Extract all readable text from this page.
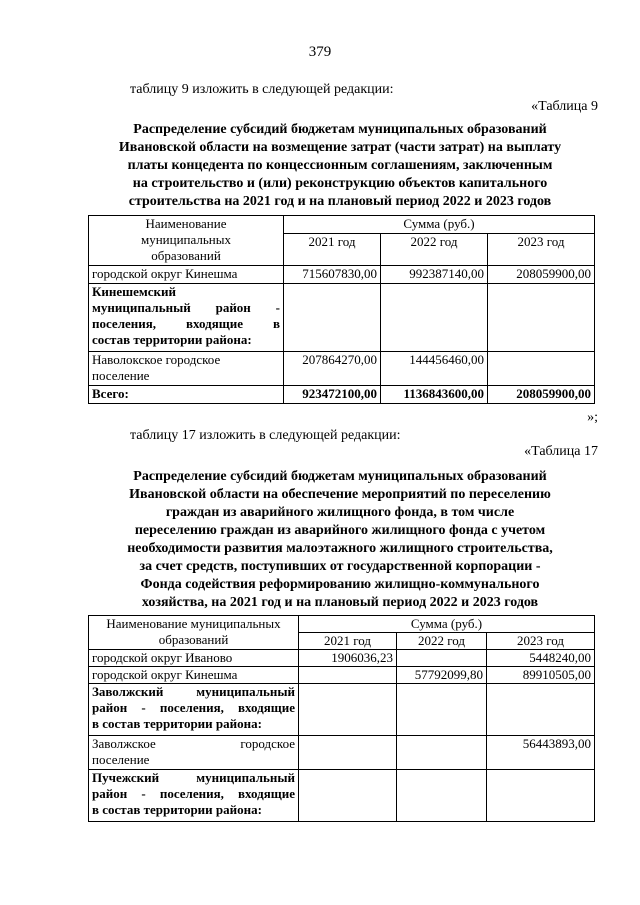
379
таблицу 9 изложить в следующей редакции:
«Таблица 9
Распределение субсидий бюджетам муниципальных образований
Ивановской области на возмещение затрат (части затрат) на выплату
платы концедента по концессионным соглашениям, заключенным
на строительство и (или) реконструкцию объектов капитального
строительства на 2021 год и на плановый период 2022 и 2023 годов
Наименование
муниципальных
образований	Сумма (руб.)		
	2021 год	2022 год	2023 год
городской округ Кинешма	715607830,00	992387140,00	208059900,00

Кинешемский
муниципальный район -
поселения, входящие в
состав территории района:			

Наволокское городское
поселение	207864270,00	144456460,00	
Всего:	923472100,00	1136843600,00	208059900,00
»;
таблицу 17 изложить в следующей редакции:
«Таблица 17
Распределение субсидий бюджетам муниципальных образований
Ивановской области на обеспечение мероприятий по переселению
граждан из аварийного жилищного фонда, в том числе
переселению граждан из аварийного жилищного фонда с учетом
необходимости развития малоэтажного жилищного строительства,
за счет средств, поступивших от государственной корпорации -
Фонда содействия реформированию жилищно-коммунального
хозяйства, на 2021 год и на плановый период 2022 и 2023 годов
Наименование муниципальных
образований	Сумма (руб.)		
	2021 год	2022 год	2023 год
городской округ Иваново	1906036,23		5448240,00
городской округ Кинешма		57792099,80	89910505,00

Заволжский муниципальный
район - поселения, входящие
в состав территории района:			

Заволжское городское
поселение			56443893,00

Пучежский муниципальный
район - поселения, входящие
в состав территории района:			
